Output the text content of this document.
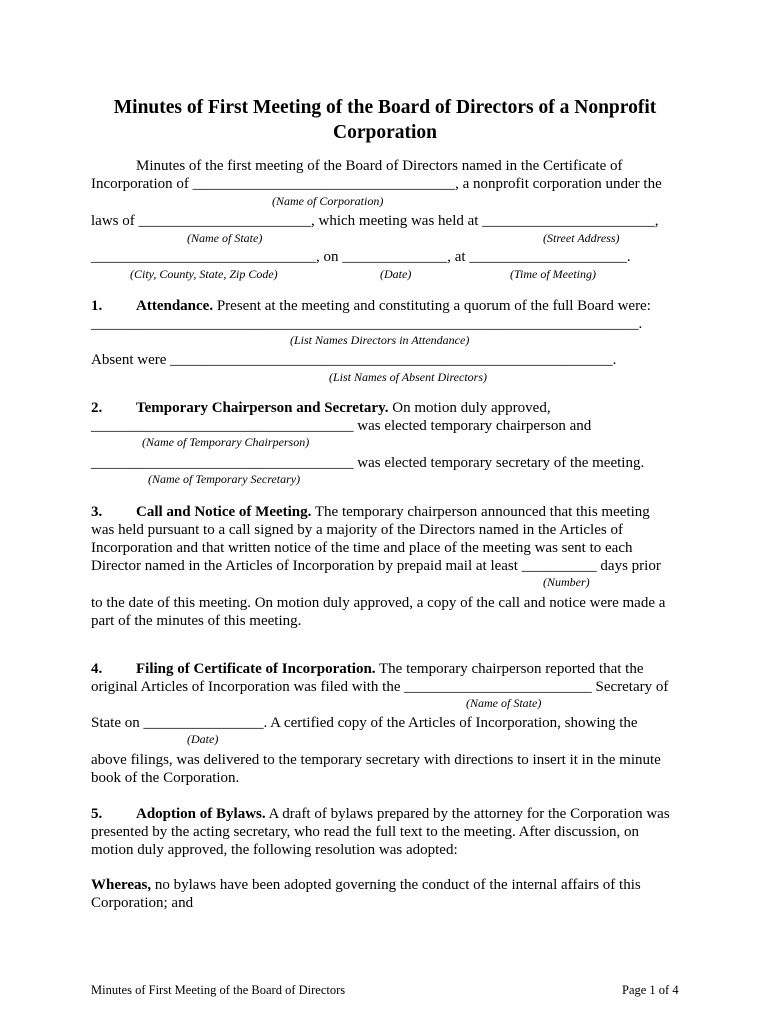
Minutes of First Meeting of the Board of Directors of a Nonprofit Corporation
Minutes of the first meeting of the Board of Directors named in the Certificate of
Incorporation of ___________________________________, a nonprofit corporation under the
(Name of Corporation)
laws of _______________________, which meeting was held at _______________________,
(Name of State)	(Street Address)
______________________________, on ______________, at _____________________.
(City, County, State, Zip Code)	(Date)	(Time of Meeting)
1. Attendance. Present at the meeting and constituting a quorum of the full Board were:
_________________________________________________________________________.
(List Names Directors in Attendance)
Absent were ___________________________________________________________.
(List Names of Absent Directors)
2. Temporary Chairperson and Secretary. On motion duly approved,
___________________________________ was elected temporary chairperson and
(Name of Temporary Chairperson)
___________________________________ was elected temporary secretary of the meeting.
(Name of Temporary Secretary)
3. Call and Notice of Meeting. The temporary chairperson announced that this meeting
was held pursuant to a call signed by a majority of the Directors named in the Articles of
Incorporation and that written notice of the time and place of the meeting was sent to each
Director named in the Articles of Incorporation by prepaid mail at least __________ days prior
(Number)
to the date of this meeting. On motion duly approved, a copy of the call and notice were made a
part of the minutes of this meeting.
4. Filing of Certificate of Incorporation. The temporary chairperson reported that the
original Articles of Incorporation was filed with the _________________________ Secretary of
(Name of State)
State on ________________. A certified copy of the Articles of Incorporation, showing the
(Date)
above filings, was delivered to the temporary secretary with directions to insert it in the minute
book of the Corporation.
5. Adoption of Bylaws. A draft of bylaws prepared by the attorney for the Corporation was
presented by the acting secretary, who read the full text to the meeting. After discussion, on
motion duly approved, the following resolution was adopted:
Whereas, no bylaws have been adopted governing the conduct of the internal affairs of this
Corporation; and
Minutes of First Meeting of the Board of Directors	Page 1 of 4
